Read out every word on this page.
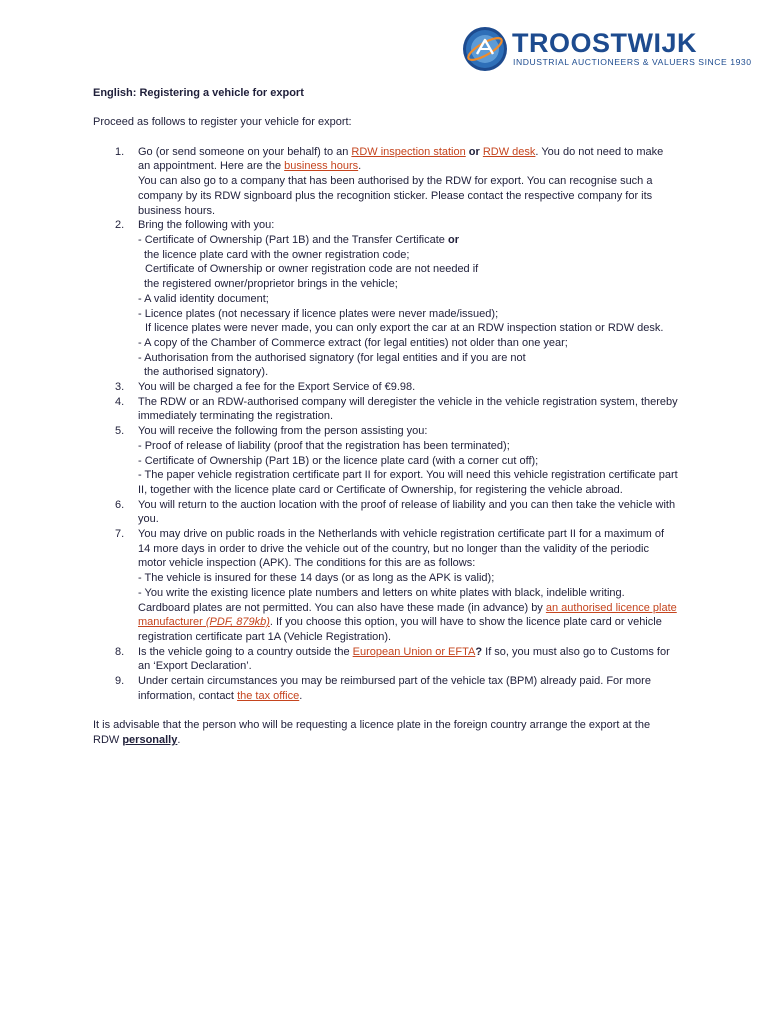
TROOSTWIJK
INDUSTRIAL AUCTIONEERS & VALUERS SINCE 1930

English: Registering a vehicle for export

Proceed as follows to register your vehicle for export:

1. Go (or send someone on your behalf) to an RDW inspection station or RDW desk. You do not need to make an appointment. Here are the business hours.
You can also go to a company that has been authorised by the RDW for export. You can recognise such a company by its RDW signboard plus the recognition sticker. Please contact the respective company for its business hours.
2. Bring the following with you:
- Certificate of Ownership (Part 1B) and the Transfer Certificate or
the licence plate card with the owner registration code;
Certificate of Ownership or owner registration code are not needed if
the registered owner/proprietor brings in the vehicle;
- A valid identity document;
- Licence plates (not necessary if licence plates were never made/issued);
If licence plates were never made, you can only export the car at an RDW inspection station or RDW desk.
- A copy of the Chamber of Commerce extract (for legal entities) not older than one year;
- Authorisation from the authorised signatory (for legal entities and if you are not
the authorised signatory).
3. You will be charged a fee for the Export Service of €9.98.
4. The RDW or an RDW-authorised company will deregister the vehicle in the vehicle registration system, thereby immediately terminating the registration.
5. You will receive the following from the person assisting you:
- Proof of release of liability (proof that the registration has been terminated);
- Certificate of Ownership (Part 1B) or the licence plate card (with a corner cut off);
- The paper vehicle registration certificate part II for export. You will need this vehicle registration certificate part II, together with the licence plate card or Certificate of Ownership, for registering the vehicle abroad.
6. You will return to the auction location with the proof of release of liability and you can then take the vehicle with you.
7. You may drive on public roads in the Netherlands with vehicle registration certificate part II for a maximum of 14 more days in order to drive the vehicle out of the country, but no longer than the validity of the periodic motor vehicle inspection (APK). The conditions for this are as follows:
- The vehicle is insured for these 14 days (or as long as the APK is valid);
- You write the existing licence plate numbers and letters on white plates with black, indelible writing. Cardboard plates are not permitted. You can also have these made (in advance) by an authorised licence plate manufacturer (PDF, 879kb). If you choose this option, you will have to show the licence plate card or vehicle registration certificate part 1A (Vehicle Registration).
8. Is the vehicle going to a country outside the European Union or EFTA? If so, you must also go to Customs for an ‘Export Declaration’.
9. Under certain circumstances you may be reimbursed part of the vehicle tax (BPM) already paid. For more information, contact the tax office.

It is advisable that the person who will be requesting a licence plate in the foreign country arrange the export at the RDW personally.
